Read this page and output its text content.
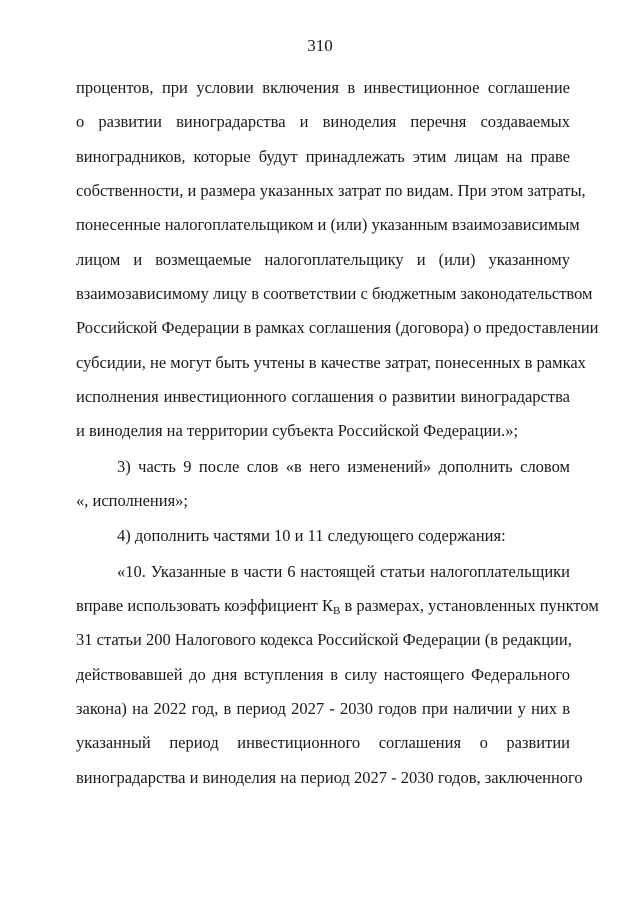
310
процентов, при условии включения в инвестиционное соглашение
о развитии виноградарства и виноделия перечня создаваемых
виноградников, которые будут принадлежать этим лицам на праве
собственности, и размера указанных затрат по видам. При этом затраты,
понесенные налогоплательщиком и (или) указанным взаимозависимым
лицом и возмещаемые налогоплательщику и (или) указанному
взаимозависимому лицу в соответствии с бюджетным законодательством
Российской Федерации в рамках соглашения (договора) о предоставлении
субсидии, не могут быть учтены в качестве затрат, понесенных в рамках
исполнения инвестиционного соглашения о развитии виноградарства
и виноделия на территории субъекта Российской Федерации.»;
3) часть 9 после слов «в него изменений» дополнить словом
«, исполнения»;
4) дополнить частями 10 и 11 следующего содержания:
«10. Указанные в части 6 настоящей статьи налогоплательщики
вправе использовать коэффициент $К_В$ в размерах, установленных пунктом
31 статьи 200 Налогового кодекса Российской Федерации (в редакции,
действовавшей до дня вступления в силу настоящего Федерального
закона) на 2022 год, в период 2027 - 2030 годов при наличии у них в
указанный период инвестиционного соглашения о развитии
виноградарства и виноделия на период 2027 - 2030 годов, заключенного
